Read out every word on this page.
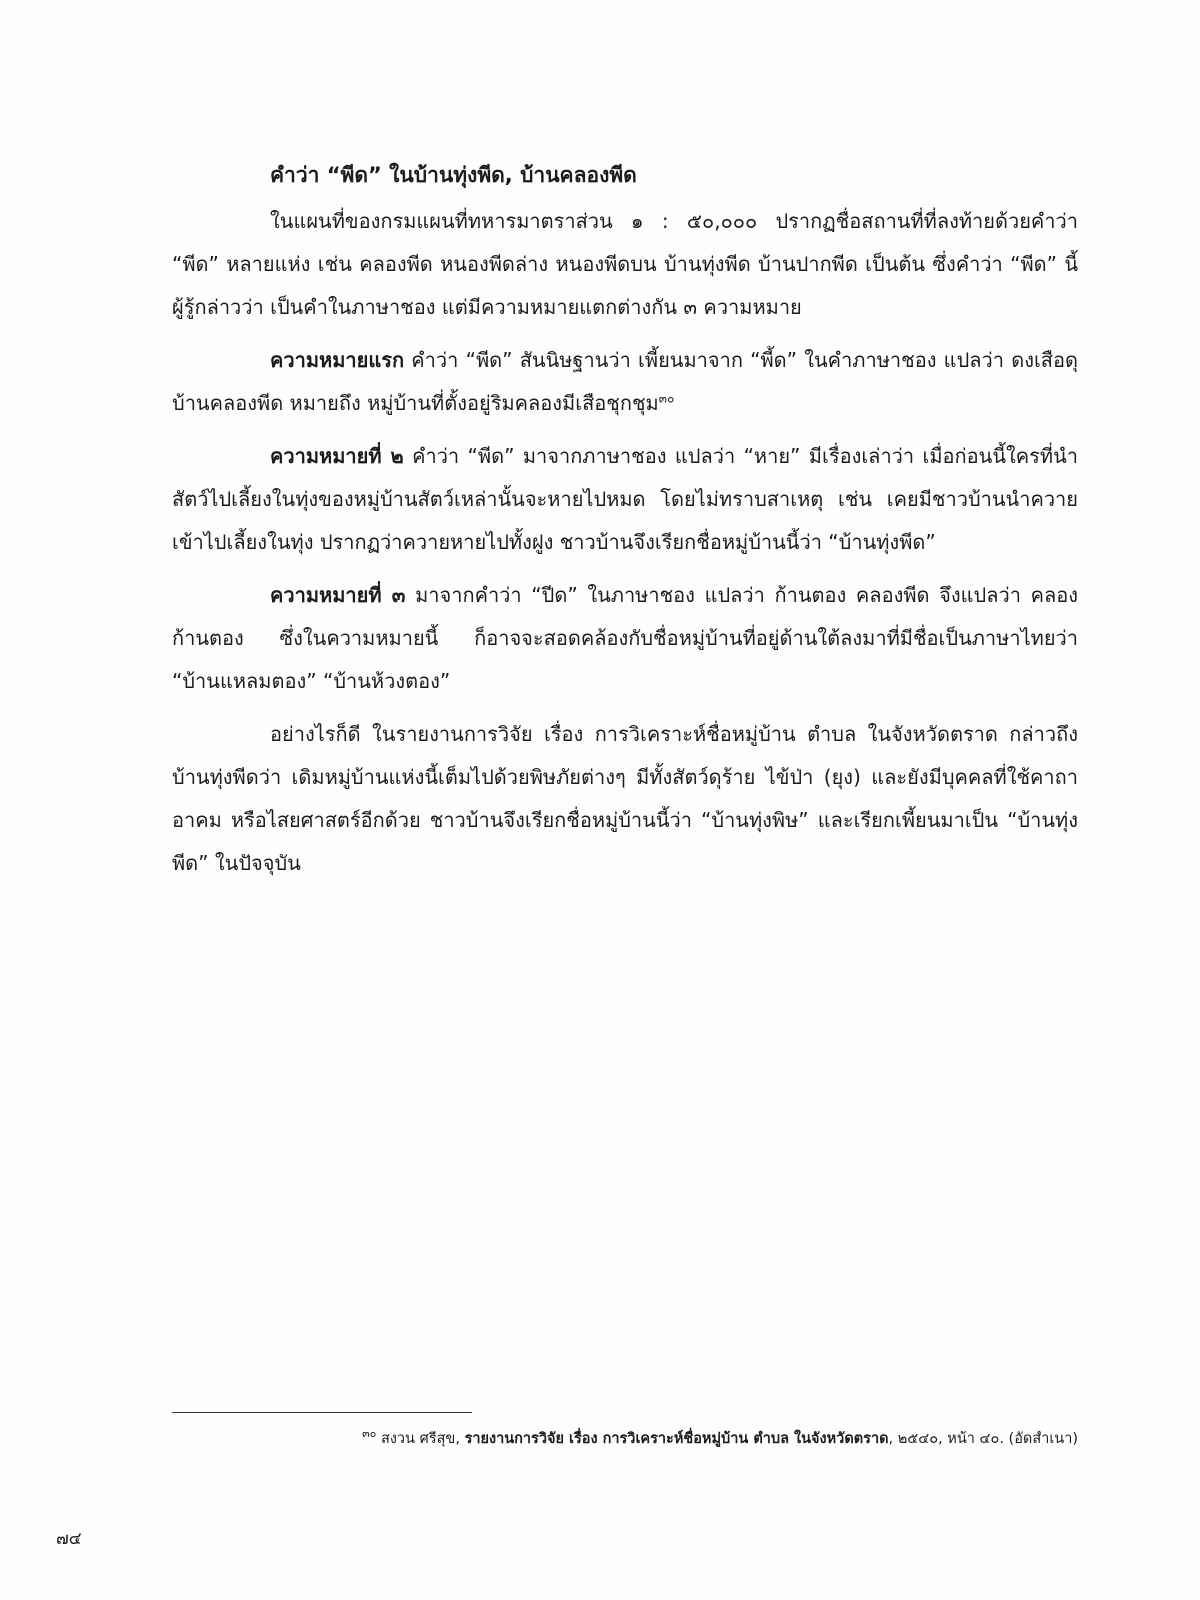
คำว่า “พีด” ในบ้านทุ่งพีด, บ้านคลองพีด

ในแผนที่ของกรมแผนที่ทหารมาตราส่วน ๑ : ๕๐,๐๐๐ ปรากฏชื่อสถานที่ที่ลงท้ายด้วยคำว่า “พีด” หลายแห่ง เช่น คลองพีด หนองพีดล่าง หนองพีดบน บ้านทุ่งพีด บ้านปากพีด เป็นต้น ซึ่งคำว่า “พีด” นี้ ผู้รู้กล่าวว่า เป็นคำในภาษาชอง แต่มีความหมายแตกต่างกัน ๓ ความหมาย

ความหมายแรก คำว่า “พีด” สันนิษฐานว่า เพี้ยนมาจาก “พี้ด” ในคำภาษาชอง แปลว่า ดงเสือดุ บ้านคลองพีด หมายถึง หมู่บ้านที่ตั้งอยู่ริมคลองมีเสือชุกชุม$^{๓๐}$

ความหมายที่ ๒ คำว่า “พีด” มาจากภาษาชอง แปลว่า “หาย” มีเรื่องเล่าว่า เมื่อก่อนนี้ใครที่นำสัตว์ไปเลี้ยงในทุ่งของหมู่บ้านสัตว์เหล่านั้นจะหายไปหมด โดยไม่ทราบสาเหตุ เช่น เคยมีชาวบ้านนำควายเข้าไปเลี้ยงในทุ่ง ปรากฏว่าควายหายไปทั้งฝูง ชาวบ้านจึงเรียกชื่อหมู่บ้านนี้ว่า “บ้านทุ่งพีด”

ความหมายที่ ๓ มาจากคำว่า “ปีด” ในภาษาชอง แปลว่า ก้านตอง คลองพีด จึงแปลว่า คลองก้านตอง ซึ่งในความหมายนี้ ก็อาจจะสอดคล้องกับชื่อหมู่บ้านที่อยู่ด้านใต้ลงมาที่มีชื่อเป็นภาษาไทยว่า “บ้านแหลมตอง” “บ้านห้วงตอง”

อย่างไรก็ดี ในรายงานการวิจัย เรื่อง การวิเคราะห์ชื่อหมู่บ้าน ตำบล ในจังหวัดตราด กล่าวถึงบ้านทุ่งพีดว่า เดิมหมู่บ้านแห่งนี้เต็มไปด้วยพิษภัยต่างๆ มีทั้งสัตว์ดุร้าย ไข้ป่า (ยุง) และยังมีบุคคลที่ใช้คาถาอาคม หรือไสยศาสตร์อีกด้วย ชาวบ้านจึงเรียกชื่อหมู่บ้านนี้ว่า “บ้านทุ่งพิษ” และเรียกเพี้ยนมาเป็น “บ้านทุ่งพีด” ในปัจจุบัน

$^{๓๐}$ สงวน ศรีสุข, รายงานการวิจัย เรื่อง การวิเคราะห์ชื่อหมู่บ้าน ตำบล ในจังหวัดตราด, ๒๕๔๐, หน้า ๔๐. (อัดสำเนา)
๗๔
